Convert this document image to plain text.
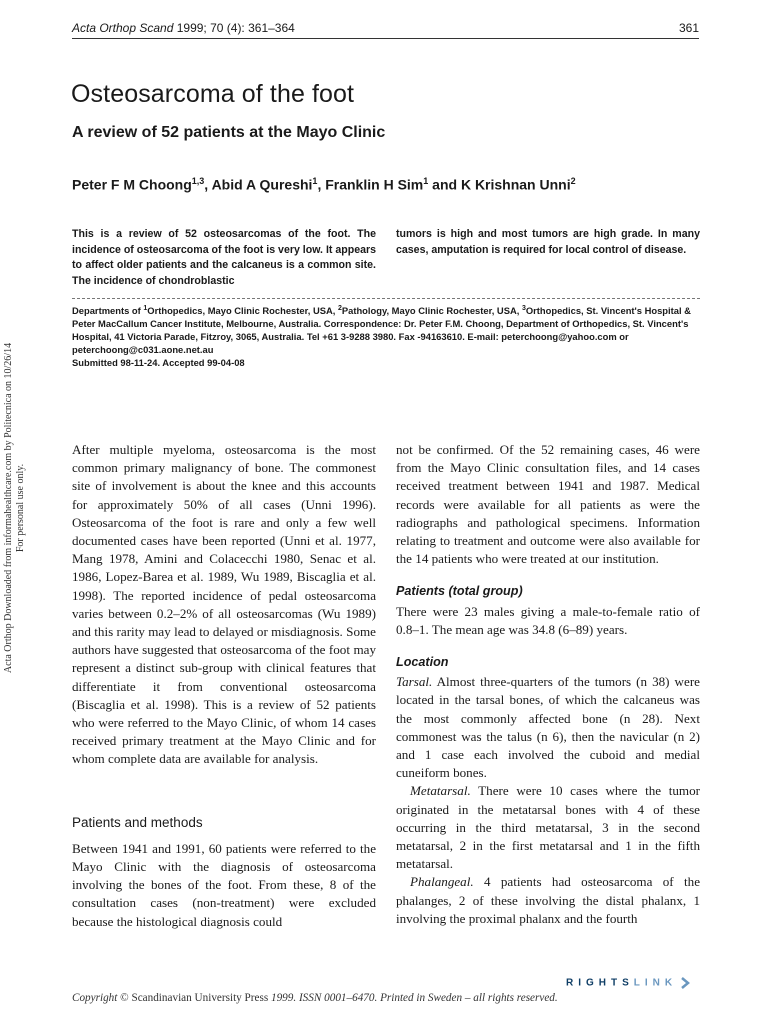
Acta Orthop Scand 1999; 70 (4): 361–364	361
Osteosarcoma of the foot
A review of 52 patients at the Mayo Clinic

Peter F M Choong$^{1,3}$, Abid A Qureshi$^1$, Franklin H Sim$^1$ and K Krishnan Unni$^2$

This is a review of 52 osteosarcomas of the foot. The incidence of osteosarcoma of the foot is very low. It appears to affect older patients and the calcaneus is a common site. The incidence of chondroblastic
tumors is high and most tumors are high grade. In many cases, amputation is required for local control of disease.

Departments of $^1$Orthopedics, Mayo Clinic Rochester, USA, $^2$Pathology, Mayo Clinic Rochester, USA, $^3$Orthopedics, St. Vincent's Hospital & Peter MacCallum Cancer Institute, Melbourne, Australia. Correspondence: Dr. Peter F.M. Choong, Department of Orthopedics, St. Vincent's Hospital, 41 Victoria Parade, Fitzroy, 3065, Australia. Tel +61 3-9288 3980. Fax -94163610. E-mail: peterchoong@yahoo.com or peterchoong@c031.aone.net.au

Submitted 98-11-24. Accepted 99-04-08

Acta Orthop Downloaded from informahealthcare.com by Politecnica on 10/26/14 For personal use only.

After multiple myeloma, osteosarcoma is the most common primary malignancy of bone. The commonest site of involvement is about the knee and this accounts for approximately 50% of all cases (Unni 1996). Osteosarcoma of the foot is rare and only a few well documented cases have been reported (Unni et al. 1977, Mang 1978, Amini and Colacecchi 1980, Senac et al. 1986, Lopez-Barea et al. 1989, Wu 1989, Biscaglia et al. 1998). The reported incidence of pedal osteosarcoma varies between 0.2–2% of all osteosarcomas (Wu 1989) and this rarity may lead to delayed or misdiagnosis. Some authors have suggested that osteosarcoma of the foot may represent a distinct sub-group with clinical features that differentiate it from conventional osteosarcoma (Biscaglia et al. 1998). This is a review of 52 patients who were referred to the Mayo Clinic, of whom 14 cases received primary treatment at the Mayo Clinic and for whom complete data are available for analysis.

Patients and methods

Between 1941 and 1991, 60 patients were referred to the Mayo Clinic with the diagnosis of osteosarcoma involving the bones of the foot. From these, 8 of the consultation cases (non-treatment) were excluded because the histological diagnosis could

not be confirmed. Of the 52 remaining cases, 46 were from the Mayo Clinic consultation files, and 14 cases received treatment between 1941 and 1987. Medical records were available for all patients as were the radiographs and pathological specimens. Information relating to treatment and outcome were also available for the 14 patients who were treated at our institution.

Patients (total group)

There were 23 males giving a male-to-female ratio of 0.8–1. The mean age was 34.8 (6–89) years.

Location

Tarsal. Almost three-quarters of the tumors (n 38) were located in the tarsal bones, of which the calcaneus was the most commonly affected bone (n 28). Next commonest was the talus (n 6), then the navicular (n 2) and 1 case each involved the cuboid and medial cuneiform bones.

Metatarsal. There were 10 cases where the tumor originated in the metatarsal bones with 4 of these occurring in the third metatarsal, 3 in the second metatarsal, 2 in the first metatarsal and 1 in the fifth metatarsal.

Phalangeal. 4 patients had osteosarcoma of the phalanges, 2 of these involving the distal phalanx, 1 involving the proximal phalanx and the fourth

RIGHTSLINK
Copyright © Scandinavian University Press 1999. ISSN 0001–6470. Printed in Sweden – all rights reserved.
